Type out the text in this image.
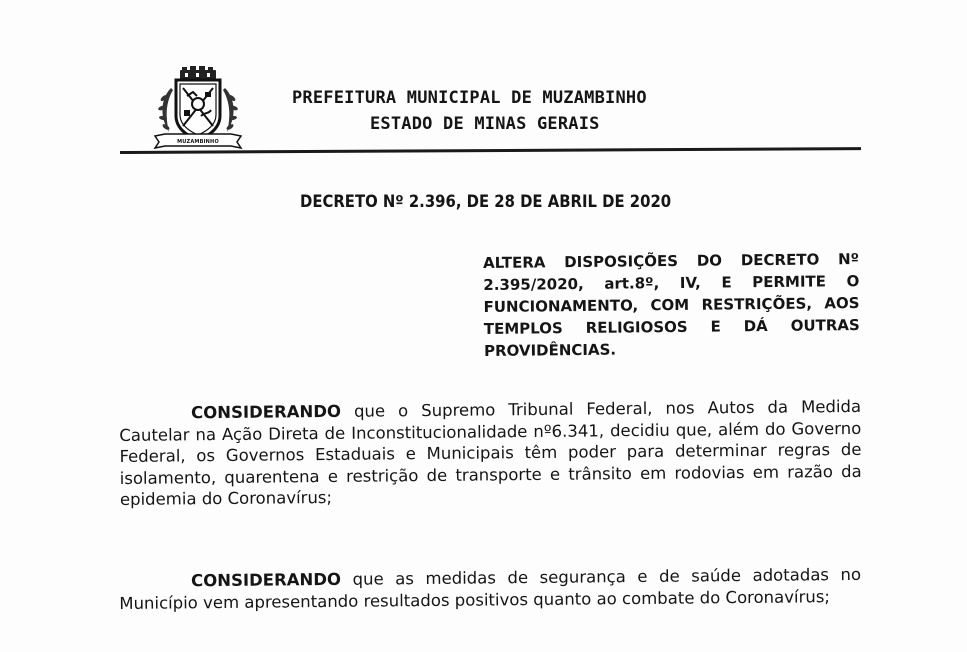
MUZAMBINHO
PREFEITURA MUNICIPAL DE MUZAMBINHO
ESTADO DE MINAS GERAIS
DECRETO Nº 2.396, DE 28 DE ABRIL DE 2020
ALTERA DISPOSIÇÕES DO DECRETO Nº 2.395/2020, art.8º, IV, E PERMITE O FUNCIONAMENTO, COM RESTRIÇÕES, AOS TEMPLOS RELIGIOSOS E DÁ OUTRAS PROVIDÊNCIAS.
CONSIDERANDO que o Supremo Tribunal Federal, nos Autos da Medida Cautelar na Ação Direta de Inconstitucionalidade nº6.341, decidiu que, além do Governo Federal, os Governos Estaduais e Municipais têm poder para determinar regras de isolamento, quarentena e restrição de transporte e trânsito em rodovias em razão da epidemia do Coronavírus;
CONSIDERANDO que as medidas de segurança e de saúde adotadas no Município vem apresentando resultados positivos quanto ao combate do Coronavírus;
